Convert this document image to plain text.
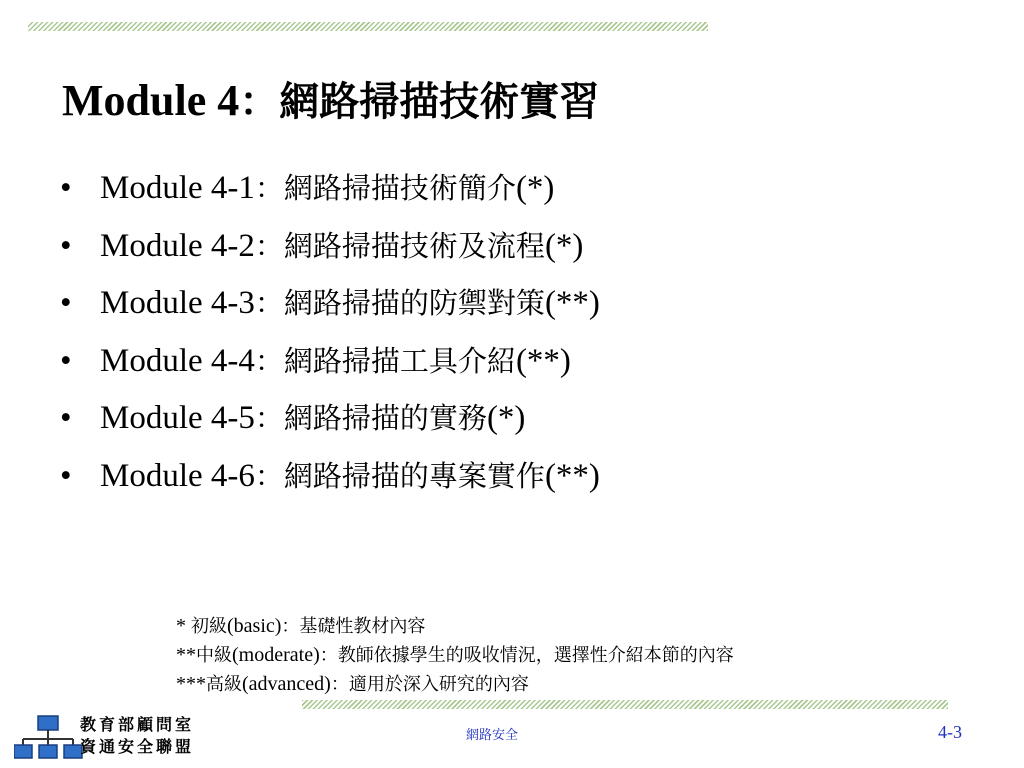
Module 4：網路掃描技術實習
• Module 4-1：網路掃描技術簡介(*)
• Module 4-2：網路掃描技術及流程(*)
• Module 4-3：網路掃描的防禦對策(**)
• Module 4-4：網路掃描工具介紹(**)
• Module 4-5：網路掃描的實務(*)
• Module 4-6：網路掃描的專案實作(**)
* 初級(basic)：基礎性教材內容
**中級(moderate)：教師依據學生的吸收情況，選擇性介紹本節的內容
***高級(advanced)：適用於深入研究的內容
教育部顧問室
資通安全聯盟
網路安全	4-3
